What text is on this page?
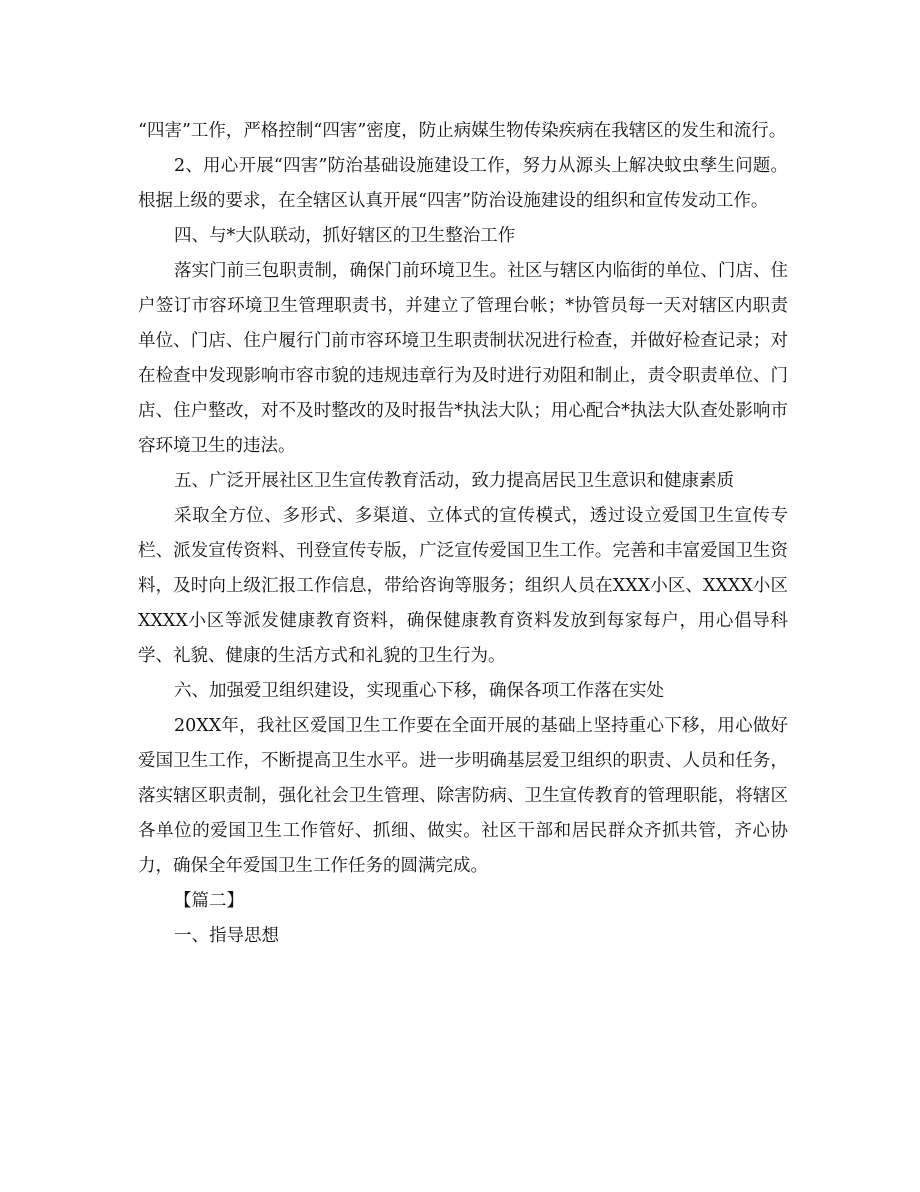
“四害”工作，严格控制“四害”密度，防止病媒生物传染疾病在我辖区的发生和流行。

2、用心开展“四害”防治基础设施建设工作，努力从源头上解决蚊虫孳生问题。根据上级的要求，在全辖区认真开展“四害”防治设施建设的组织和宣传发动工作。

四、与*大队联动，抓好辖区的卫生整治工作

落实门前三包职责制，确保门前环境卫生。社区与辖区内临街的单位、门店、住户签订市容环境卫生管理职责书，并建立了管理台帐；*协管员每一天对辖区内职责单位、门店、住户履行门前市容环境卫生职责制状况进行检查，并做好检查记录；对在检查中发现影响市容市貌的违规违章行为及时进行劝阻和制止，责令职责单位、门店、住户整改，对不及时整改的及时报告*执法大队；用心配合*执法大队查处影响市容环境卫生的违法。

五、广泛开展社区卫生宣传教育活动，致力提高居民卫生意识和健康素质

采取全方位、多形式、多渠道、立体式的宣传模式，透过设立爱国卫生宣传专栏、派发宣传资料、刊登宣传专版，广泛宣传爱国卫生工作。完善和丰富爱国卫生资料，及时向上级汇报工作信息，带给咨询等服务；组织人员在XXX小区、XXXX小区XXXX小区等派发健康教育资料，确保健康教育资料发放到每家每户，用心倡导科学、礼貌、健康的生活方式和礼貌的卫生行为。

六、加强爱卫组织建设，实现重心下移，确保各项工作落在实处

20XX年，我社区爱国卫生工作要在全面开展的基础上坚持重心下移，用心做好爱国卫生工作，不断提高卫生水平。进一步明确基层爱卫组织的职责、人员和任务，落实辖区职责制，强化社会卫生管理、除害防病、卫生宣传教育的管理职能，将辖区各单位的爱国卫生工作管好、抓细、做实。社区干部和居民群众齐抓共管，齐心协力，确保全年爱国卫生工作任务的圆满完成。

【篇二】

一、指导思想
